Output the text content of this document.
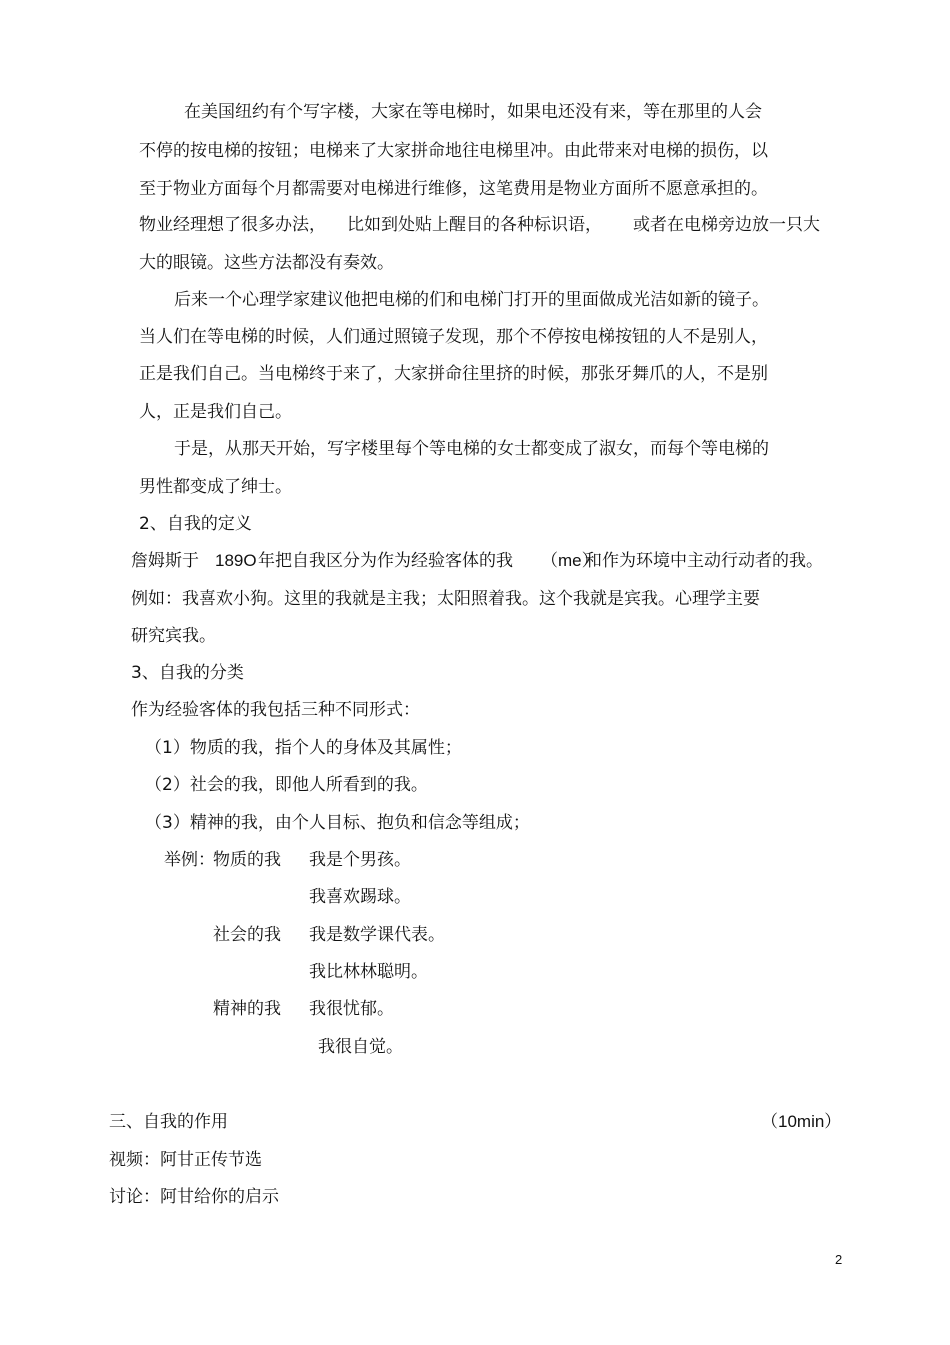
在美国纽约有个写字楼，大家在等电梯时，如果电还没有来，等在那里的人会
不停的按电梯的按钮；电梯来了大家拼命地往电梯里冲。由此带来对电梯的损伤，以
至于物业方面每个月都需要对电梯进行维修，这笔费用是物业方面所不愿意承担的。
物业经理想了很多办法， 比如到处贴上醒目的各种标识语， 或者在电梯旁边放一只大
大的眼镜。这些方法都没有奏效。
后来一个心理学家建议他把电梯的们和电梯门打开的里面做成光洁如新的镜子。
当人们在等电梯的时候，人们通过照镜子发现，那个不停按电梯按钮的人不是别人，
正是我们自己。当电梯终于来了，大家拼命往里挤的时候，那张牙舞爪的人，不是别
人，正是我们自己。
于是，从那天开始，写字楼里每个等电梯的女士都变成了淑女，而每个等电梯的
男性都变成了绅士。
2、自我的定义
詹姆斯于 189O 年把自我区分为作为经验客体的我 （me）
和作为环境中主动行动者的我。
例如：我喜欢小狗。这里的我就是主我；太阳照着我。这个我就是宾我。心理学主要
研究宾我。
3、自我的分类
作为经验客体的我包括三种不同形式：
（1）物质的我，指个人的身体及其属性；
（2）社会的我，即他人所看到的我。
（3）精神的我，由个人目标、抱负和信念等组成；
举例：
物质的我 我是个男孩。
我喜欢踢球。
社会的我 我是数学课代表。
我比林林聪明。
精神的我 我很忧郁。
我很自觉。
三、自我的作用	（10min）
视频：阿甘正传节选
讨论：阿甘给你的启示
2
